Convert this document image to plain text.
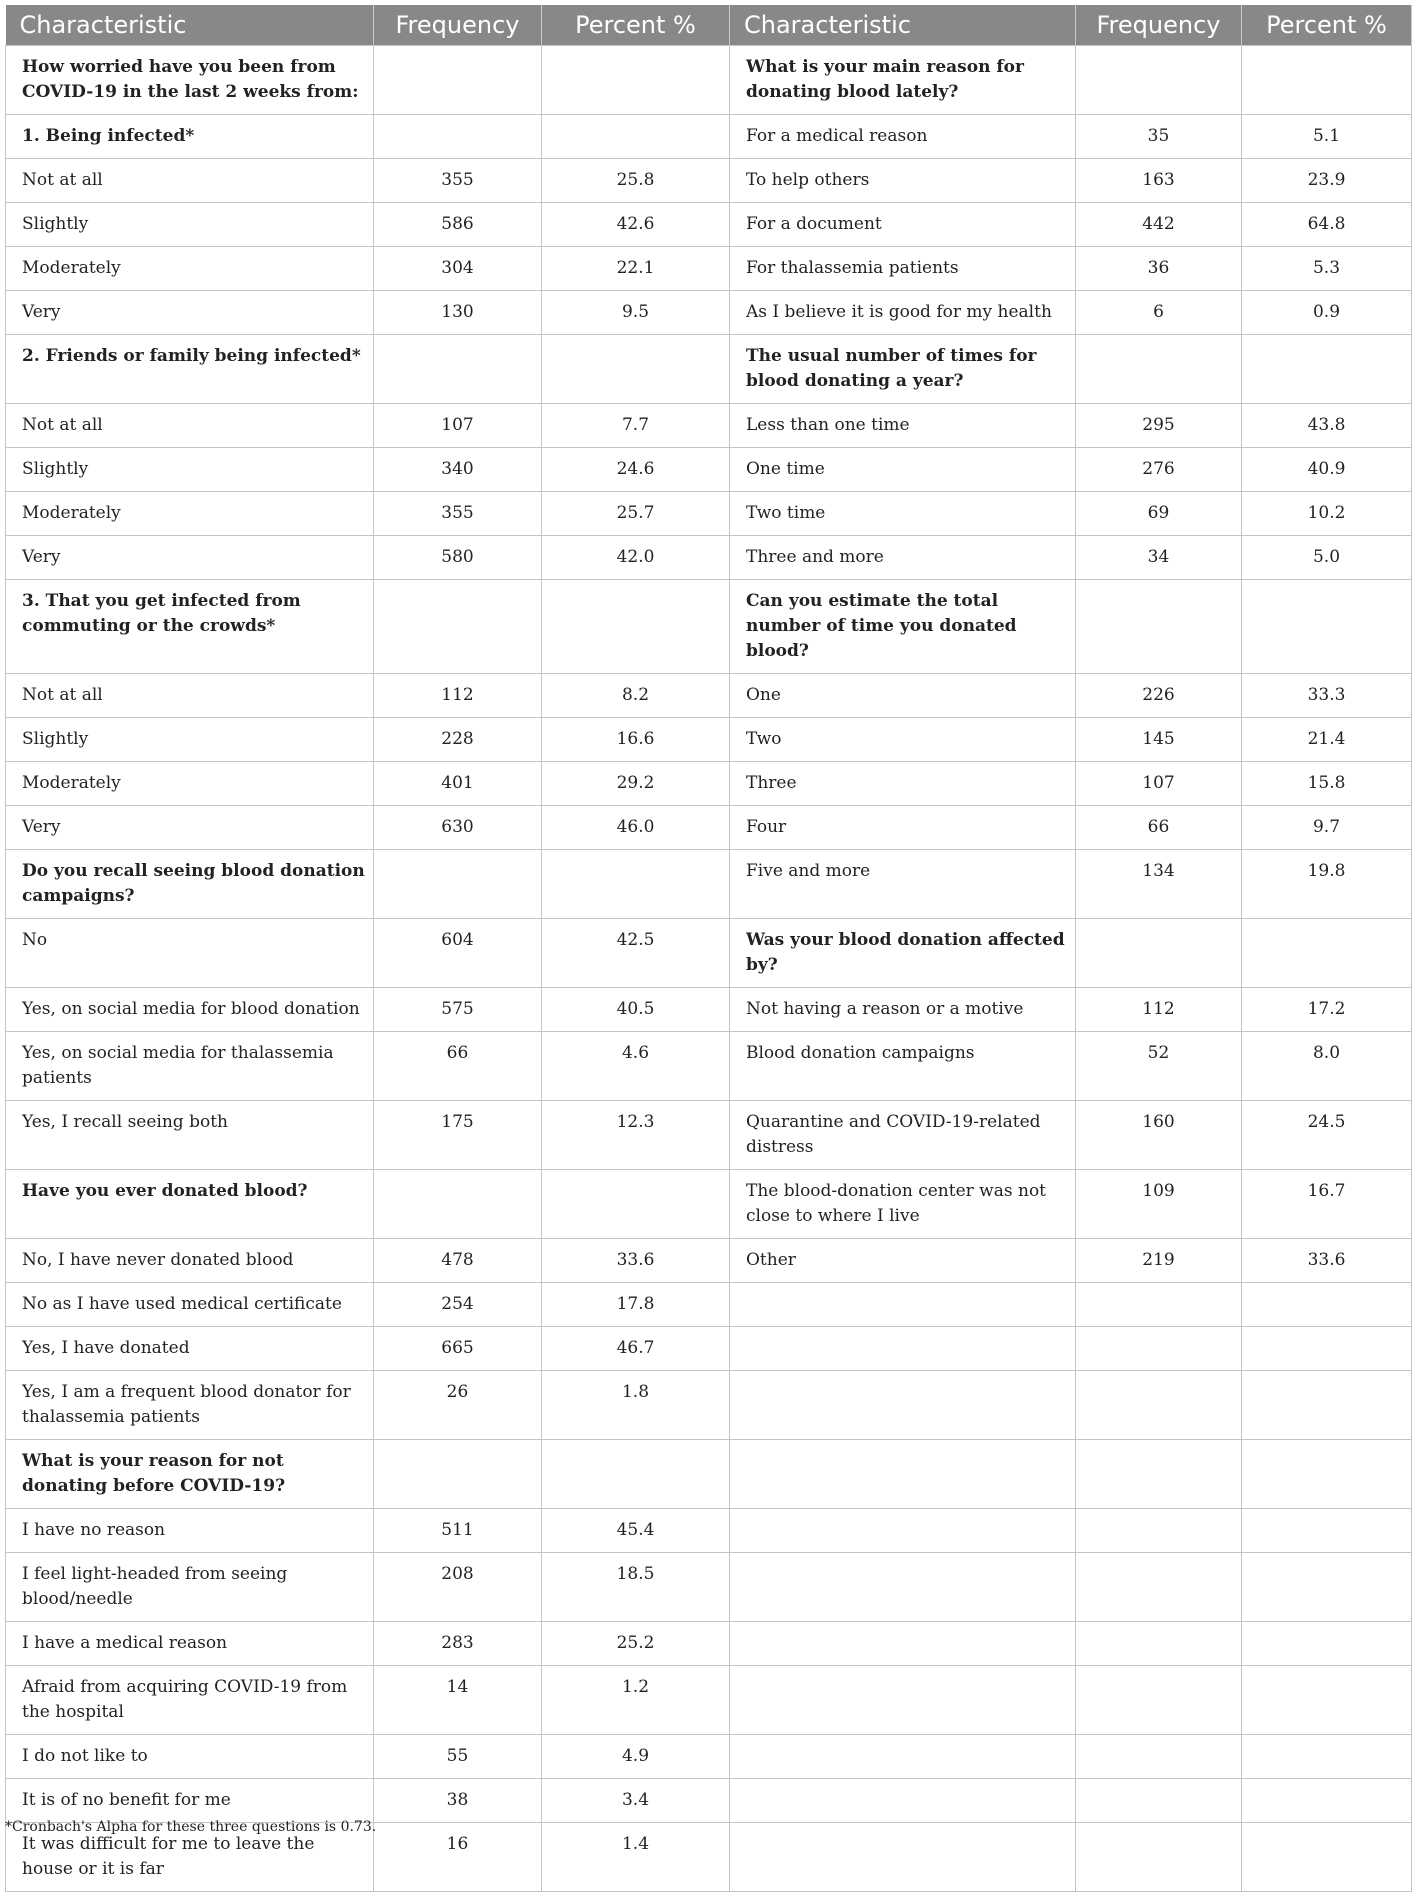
Characteristic	Frequency	Percent %	Characteristic	Frequency	Percent %
How worried have you been from COVID-19 in the last 2 weeks from:			What is your main reason for donating blood lately?		
1. Being infected*			For a medical reason	35	5.1
Not at all	355	25.8	To help others	163	23.9
Slightly	586	42.6	For a document	442	64.8
Moderately	304	22.1	For thalassemia patients	36	5.3
Very	130	9.5	As I believe it is good for my health	6	0.9
2. Friends or family being infected*			The usual number of times for blood donating a year?		
Not at all	107	7.7	Less than one time	295	43.8
Slightly	340	24.6	One time	276	40.9
Moderately	355	25.7	Two time	69	10.2
Very	580	42.0	Three and more	34	5.0
3. That you get infected from commuting or the crowds*			Can you estimate the total number of time you donated blood?		
Not at all	112	8.2	One	226	33.3
Slightly	228	16.6	Two	145	21.4
Moderately	401	29.2	Three	107	15.8
Very	630	46.0	Four	66	9.7
Do you recall seeing blood donation campaigns?			Five and more	134	19.8
No	604	42.5	Was your blood donation affected by?		
Yes, on social media for blood donation	575	40.5	Not having a reason or a motive	112	17.2
Yes, on social media for thalassemia patients	66	4.6	Blood donation campaigns	52	8.0
Yes, I recall seeing both	175	12.3	Quarantine and COVID-19-related distress	160	24.5
Have you ever donated blood?			The blood-donation center was not close to where I live	109	16.7
No, I have never donated blood	478	33.6	Other	219	33.6
No as I have used medical certificate	254	17.8			
Yes, I have donated	665	46.7			
Yes, I am a frequent blood donator for thalassemia patients	26	1.8			
What is your reason for not donating before COVID-19?					
I have no reason	511	45.4			
I feel light-headed from seeing blood/needle	208	18.5			
I have a medical reason	283	25.2			
Afraid from acquiring COVID-19 from the hospital	14	1.2			
I do not like to	55	4.9			
It is of no benefit for me	38	3.4			
It was difficult for me to leave the house or it is far	16	1.4			
*Cronbach's Alpha for these three questions is 0.73.
